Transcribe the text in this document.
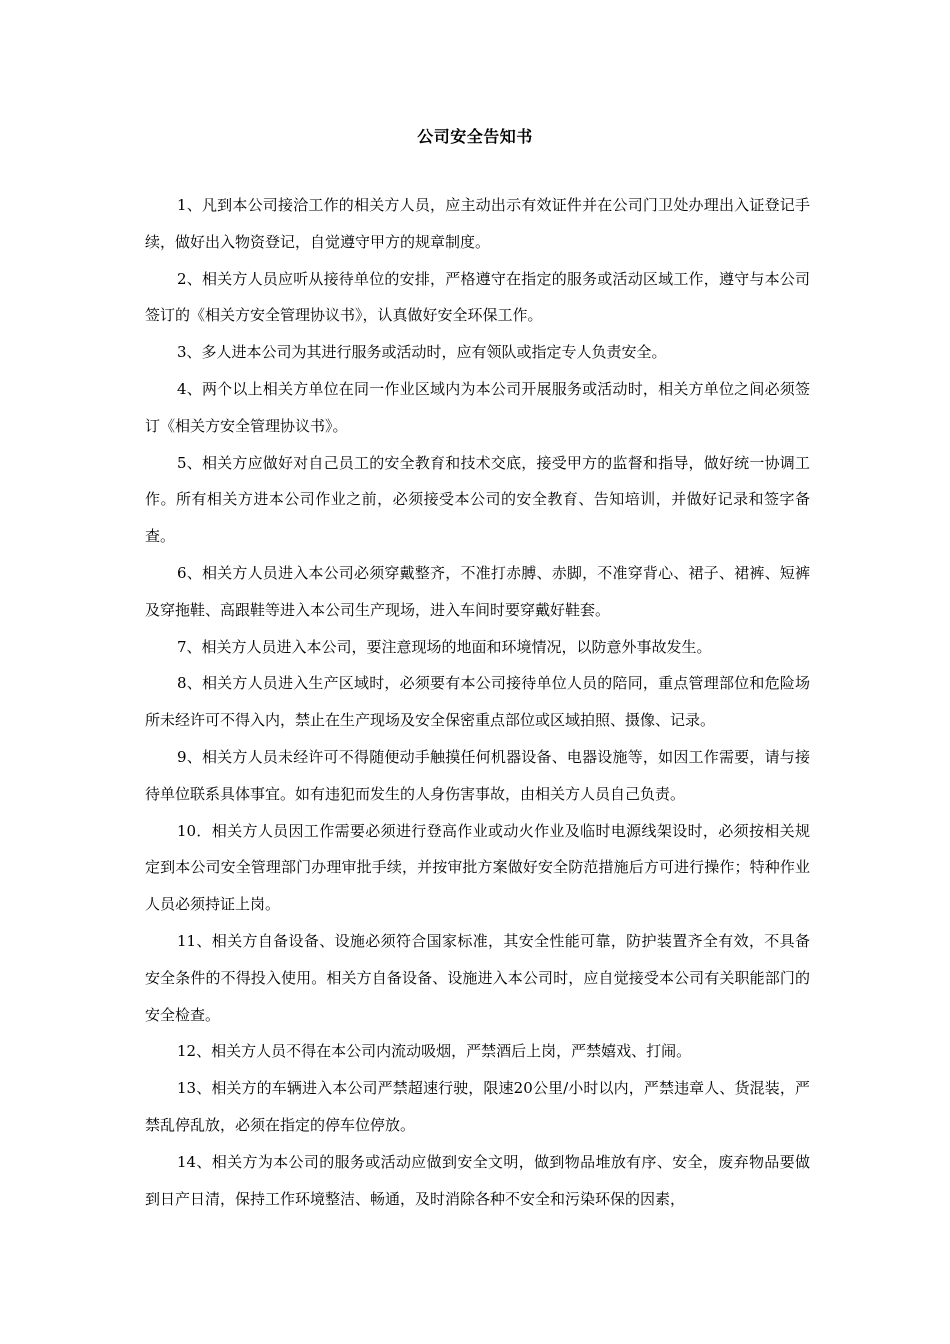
公司安全告知书

1、凡到本公司接洽工作的相关方人员，应主动出示有效证件并在公司门卫处办理出入证登记手续，做好出入物资登记，自觉遵守甲方的规章制度。

2、相关方人员应听从接待单位的安排，严格遵守在指定的服务或活动区域工作，遵守与本公司签订的《相关方安全管理协议书》，认真做好安全环保工作。

3、多人进本公司为其进行服务或活动时，应有领队或指定专人负责安全。

4、两个以上相关方单位在同一作业区域内为本公司开展服务或活动时，相关方单位之间必须签订《相关方安全管理协议书》。

5、相关方应做好对自己员工的安全教育和技术交底，接受甲方的监督和指导，做好统一协调工作。所有相关方进本公司作业之前，必须接受本公司的安全教育、告知培训，并做好记录和签字备查。

6、相关方人员进入本公司必须穿戴整齐，不准打赤膊、赤脚，不准穿背心、裙子、裙裤、短裤及穿拖鞋、高跟鞋等进入本公司生产现场，进入车间时要穿戴好鞋套。

7、相关方人员进入本公司，要注意现场的地面和环境情况，以防意外事故发生。

8、相关方人员进入生产区域时，必须要有本公司接待单位人员的陪同，重点管理部位和危险场所未经许可不得入内，禁止在生产现场及安全保密重点部位或区域拍照、摄像、记录。

9、相关方人员未经许可不得随便动手触摸任何机器设备、电器设施等，如因工作需要，请与接待单位联系具体事宜。如有违犯而发生的人身伤害事故，由相关方人员自己负责。

10．相关方人员因工作需要必须进行登高作业或动火作业及临时电源线架设时，必须按相关规定到本公司安全管理部门办理审批手续，并按审批方案做好安全防范措施后方可进行操作；特种作业人员必须持证上岗。

11、相关方自备设备、设施必须符合国家标准，其安全性能可靠，防护装置齐全有效，不具备安全条件的不得投入使用。相关方自备设备、设施进入本公司时，应自觉接受本公司有关职能部门的安全检查。

12、相关方人员不得在本公司内流动吸烟，严禁酒后上岗，严禁嬉戏、打闹。

13、相关方的车辆进入本公司严禁超速行驶，限速20公里/小时以内，严禁违章人、货混装，严禁乱停乱放，必须在指定的停车位停放。

14、相关方为本公司的服务或活动应做到安全文明，做到物品堆放有序、安全，废弃物品要做到日产日清，保持工作环境整洁、畅通，及时消除各种不安全和污染环保的因素，
